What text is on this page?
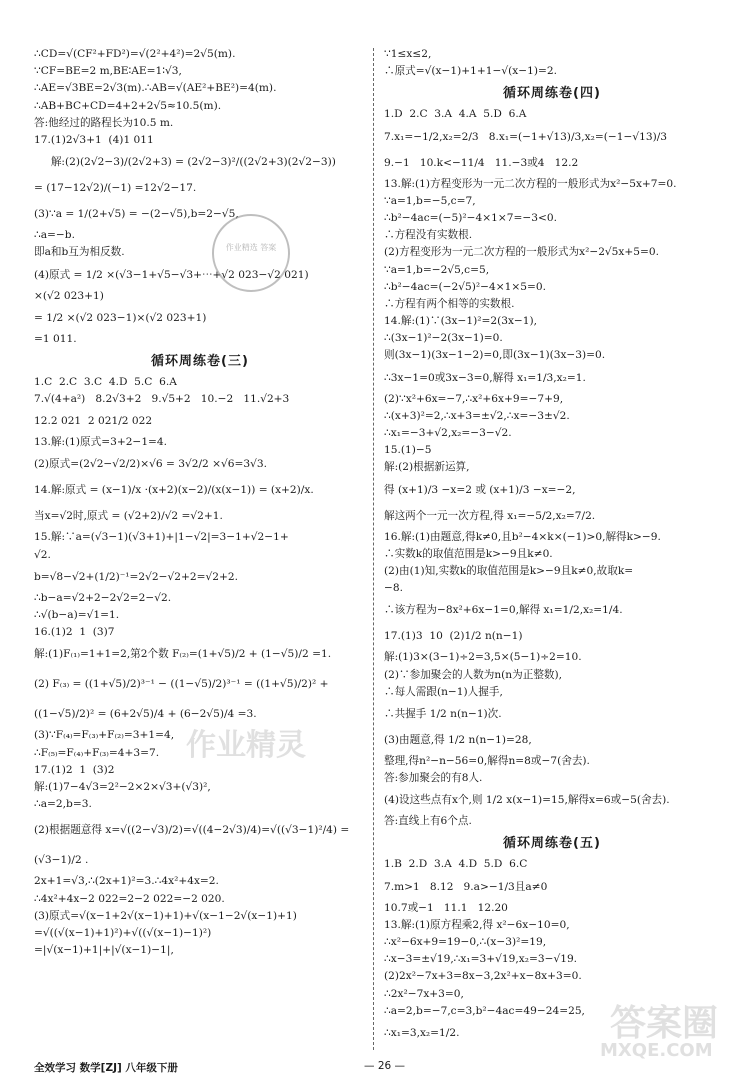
∴CD=√(CF²+FD²)=√(2²+4²)=2√5(m).
∵CF=BE=2 m,BE∶AE=1∶√3,
∴AE=√3BE=2√3(m).∴AB=√(AE²+BE²)=4(m).
∴AB+BC+CD=4+2+2√5≈10.5(m).
答:他经过的路程长为10.5 m.
17.(1)2√3+1  (4)1 011
解:(2)(2√2−3)/(2√2+3) = (2√2−3)²/((2√2+3)(2√2−3))
= (17−12√2)/(−1) =12√2−17.
(3)∵a = 1/(2+√5) = −(2−√5),b=2−√5,
∴a=−b.
即a和b互为相反数.
(4)原式 = 1/2 ×(√3−1+√5−√3+⋯+√2 023−√2 021)
×(√2 023+1)
= 1/2 ×(√2 023−1)×(√2 023+1)
=1 011.
循环周练卷(三)
1.C  2.C  3.C  4.D  5.C  6.A
7.√(4+a²)   8.2√3+2   9.√5+2   10.−2   11.√2+3
12.2 021  2 021/2 022
13.解:(1)原式=3+2−1=4.
(2)原式=(2√2−√2/2)×√6 = 3√2/2 ×√6=3√3.
14.解:原式 = (x−1)/x ·(x+2)(x−2)/(x(x−1)) = (x+2)/x.
当x=√2时,原式 = (√2+2)/√2 =√2+1.
15.解:∵a=(√3−1)(√3+1)+|1−√2|=3−1+√2−1+
√2.
b=√8−√2+(1/2)⁻¹=2√2−√2+2=√2+2.
∴b−a=√2+2−2√2=2−√2.
∴√(b−a)=√1=1.
16.(1)2  1  (3)7
解:(1)F₍₁₎=1+1=2,第2个数 F₍₂₎=(1+√5)/2 + (1−√5)/2 =1.
(2) F₍₃₎ = ((1+√5)/2)³⁻¹ − ((1−√5)/2)³⁻¹ = ((1+√5)/2)² +
((1−√5)/2)² = (6+2√5)/4 + (6−2√5)/4 =3.
(3)∵F₍₄₎=F₍₃₎+F₍₂₎=3+1=4,
∴F₍₅₎=F₍₄₎+F₍₃₎=4+3=7.
17.(1)2  1  (3)2
解:(1)7−4√3=2²−2×2×√3+(√3)²,
∴a=2,b=3.
(2)根据题意得 x=√((2−√3)/2)=√((4−2√3)/4)=√((√3−1)²/4) =
(√3−1)/2 .
2x+1=√3,∴(2x+1)²=3.∴4x²+4x=2.
∴4x²+4x−2 022=2−2 022=−2 020.
(3)原式=√(x−1+2√(x−1)+1)+√(x−1−2√(x−1)+1)
=√((√(x−1)+1)²)+√((√(x−1)−1)²)
=|√(x−1)+1|+|√(x−1)−1|,
∵1≤x≤2,
∴原式=√(x−1)+1+1−√(x−1)=2.
循环周练卷(四)
1.D  2.C  3.A  4.A  5.D  6.A
7.x₁=−1/2,x₂=2/3   8.x₁=(−1+√13)/3,x₂=(−1−√13)/3
9.−1   10.k<−11/4   11.−3或4   12.2
13.解:(1)方程变形为一元二次方程的一般形式为x²−5x+7=0.
∵a=1,b=−5,c=7,
∴b²−4ac=(−5)²−4×1×7=−3<0.
∴方程没有实数根.
(2)方程变形为一元二次方程的一般形式为x²−2√5x+5=0.
∵a=1,b=−2√5,c=5,
∴b²−4ac=(−2√5)²−4×1×5=0.
∴方程有两个相等的实数根.
14.解:(1)∵(3x−1)²=2(3x−1),
∴(3x−1)²−2(3x−1)=0.
则(3x−1)(3x−1−2)=0,即(3x−1)(3x−3)=0.
∴3x−1=0或3x−3=0,解得 x₁=1/3,x₂=1.
(2)∵x²+6x=−7,∴x²+6x+9=−7+9,
∴(x+3)²=2,∴x+3=±√2,∴x=−3±√2.
∴x₁=−3+√2,x₂=−3−√2.
15.(1)−5
解:(2)根据新运算,
得 (x+1)/3 −x=2 或 (x+1)/3 −x=−2,
解这两个一元一次方程,得 x₁=−5/2,x₂=7/2.
16.解:(1)由题意,得k≠0,且b²−4×k×(−1)>0,解得k>−9.
∴实数k的取值范围是k>−9且k≠0.
(2)由(1)知,实数k的取值范围是k>−9且k≠0,故取k=
−8.
∴该方程为−8x²+6x−1=0,解得 x₁=1/2,x₂=1/4.
17.(1)3  10  (2)1/2 n(n−1)
解:(1)3×(3−1)÷2=3,5×(5−1)÷2=10.
(2)∵参加聚会的人数为n(n为正整数),
∴每人需跟(n−1)人握手,
∴共握手 1/2 n(n−1)次.
(3)由题意,得 1/2 n(n−1)=28,
整理,得n²−n−56=0,解得n=8或−7(舍去).
答:参加聚会的有8人.
(4)设这些点有x个,则 1/2 x(x−1)=15,解得x=6或−5(舍去).
答:直线上有6个点.
循环周练卷(五)
1.B  2.D  3.A  4.D  5.D  6.C
7.m>1   8.12   9.a>−1/3且a≠0
10.7或−1   11.1   12.20
13.解:(1)原方程乘2,得 x²−6x−10=0,
∴x²−6x+9=19−0,∴(x−3)²=19,
∴x−3=±√19,∴x₁=3+√19,x₂=3−√19.
(2)2x²−7x+3=8x−3,2x²+x−8x+3=0.
∴2x²−7x+3=0,
∴a=2,b=−7,c=3,b²−4ac=49−24=25,
∴x₁=3,x₂=1/2.
作业精选 答案
作业精灵
答案圈
MXQE.COM
全效学习 数学[ZJ] 八年级下册	— 26 —
